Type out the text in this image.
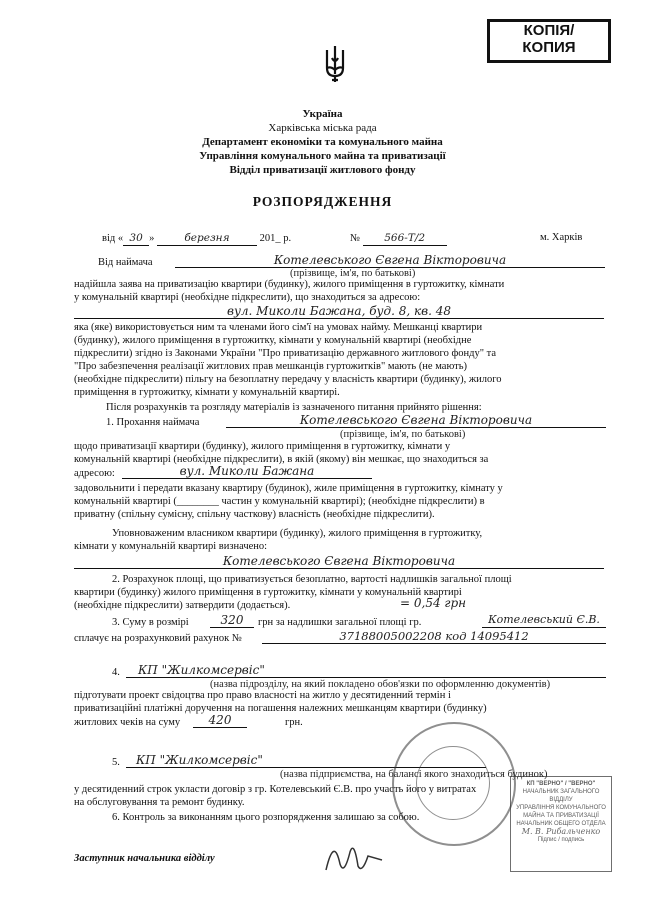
КОПІЯ/
КОПИЯ
Україна
Харківська міська рада
Департамент економіки та комунального майна
Управління комунального майна та приватизації
Відділ приватизації житлового фонду
РОЗПОРЯДЖЕННЯ
від « 30 »	березня	201_ р.	№ 566-Т/2	м. Харків
Від наймача	Котелевського Євгена Вікторовича
(прізвище, ім'я, по батькові)
надійшла заява на приватизацію квартири (будинку), жилого приміщення в гуртожитку, кімнати
у комунальній квартирі (необхідне підкреслити), що знаходиться за адресою:
вул. Миколи Бажана, буд. 8, кв. 48
яка (яке) використовується ним та членами його сім'ї на умовах найму. Мешканці квартири
(будинку), жилого приміщення в гуртожитку, кімнати у комунальній квартирі (необхідне
підкреслити) згідно із Законами України "Про приватизацію державного житлового фонду" та
"Про забезпечення реалізації житлових прав мешканців гуртожитків" мають (не мають)
(необхідне підкреслити) пільгу на безоплатну передачу у власність квартири (будинку), жилого
приміщення в гуртожитку, кімнати у комунальній квартирі.
Після розрахунків та розгляду матеріалів із зазначеного питання прийнято рішення:
1. Прохання наймача	Котелевського Євгена Вікторовича
(прізвище, ім'я, по батькові)
щодо приватизації квартири (будинку), жилого приміщення в гуртожитку, кімнати у
комунальній квартирі (необхідне підкреслити), в якій (якому) він мешкає, що знаходиться за
адресою:	вул. Миколи Бажана
задовольнити і передати вказану квартиру (будинок), жиле приміщення в гуртожитку, кімнату у
комунальній квартирі (________ частин у комунальній квартирі); (необхідне підкреслити) в
приватну (спільну сумісну, спільну часткову) власність (необхідне підкреслити).
Уповноваженим власником квартири (будинку), жилого приміщення в гуртожитку,
кімнати у комунальній квартирі визначено:
Котелевського Євгена Вікторовича
2. Розрахунок площі, що приватизується безоплатно, вартості надлишків загальної площі
квартири (будинку) жилого приміщення в гуртожитку, кімнати у комунальній квартирі
(необхідне підкреслити) затвердити (додається).	= 0,54 грн
3. Суму в розмірі	320	грн за надлишки загальної площі гр.	Котелевський Є.В.
сплачує на розрахунковий рахунок №	37188005002208 код 14095412
4.	КП "Жилкомсервіс"
(назва підрозділу, на який покладено обов'язки по оформленню документів)
підготувати проект свідоцтва про право власності на житло у десятиденний термін і
приватизаційні платіжні доручення на погашення належних мешканцям квартири (будинку)
житлових чеків на суму	420	грн.
5.	КП "Жилкомсервіс"
(назва підприємства, на балансі якого знаходиться будинок)
у десятиденний строк укласти договір з гр. Котелевський Є.В. про участь його у витратах
на обслуговування та ремонт будинку.
6. Контроль за виконанням цього розпорядження залишаю за собою.
Заступник начальника відділу
КП "ВЕРНО" / "ВЕРНО"
НАЧАЛЬНИК ЗАГАЛЬНОГО ВІДДІЛУ
УПРАВЛІННЯ КОМУНАЛЬНОГО МАЙНА ТА ПРИВАТИЗАЦІЇ
НАЧАЛЬНИК ОБЩЕГО ОТДЕЛА
М. В. Рибальченко
Підпис / подпись
